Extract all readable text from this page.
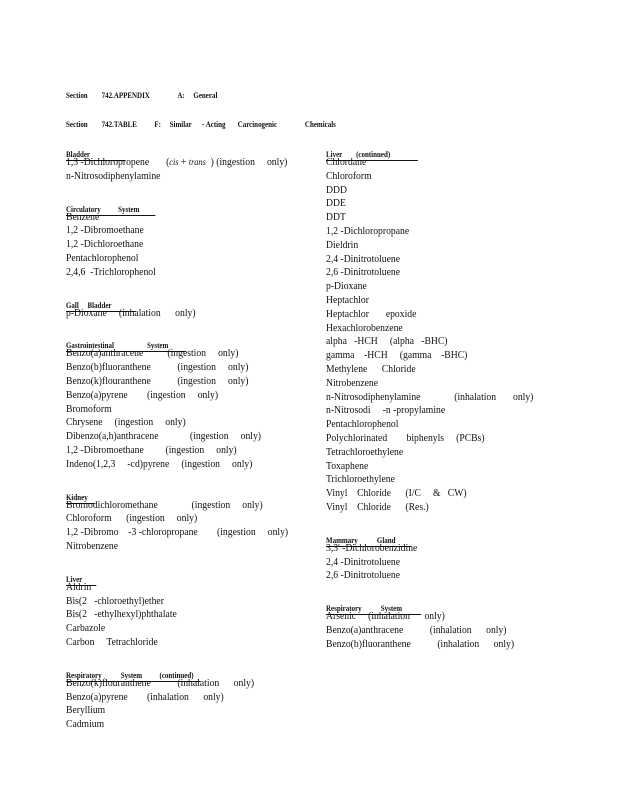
Section        742.APPENDIX                A:     General
Section        742.TABLE          F:     Similar      - Acting       Carcinogenic                Chemicals
Bladder
1,3 -Dichloropropene (cis + trans  ) (ingestion     only)
n-Nitrosodiphenylamine
Circulatory          System
Benzene
1,2 -Dibromoethane
1,2 -Dichloroethane
Pentachlorophenol
2,4,6  -Trichlorophenol
Gall     Bladder
p-Dioxane     (inhalation      only)
Gastrointestinal                   System
Benzo(a)anthracene          (ingestion     only)
Benzo(b)fluoranthene           (ingestion     only)
Benzo(k)flouranthene           (ingestion     only)
Benzo(a)pyrene        (ingestion     only)
Bromoform
Chrysene     (ingestion     only)
Dibenzo(a,h)anthracene             (ingestion     only)
1,2 -Dibromoethane         (ingestion     only)
Indeno(1,2,3     -cd)pyrene     (ingestion     only)
Kidney
Bromodichloromethane              (ingestion     only)
Chloroform      (ingestion     only)
1,2 -Dibromo    -3 -chloropropane        (ingestion     only)
Nitrobenzene
Liver
Aldrin
Bis(2   -chloroethyl)ether
Bis(2   -ethylhexyl)phthalate
Carbazole
Carbon     Tetrachloride
Respiratory           System          (continued)
Benzo(k)flouranthene           (inhalation      only)
Benzo(a)pyrene        (inhalation      only)
Beryllium
Cadmium
Liver        (continued)
Chlordane
Chloroform
DDD
DDE
DDT
1,2 -Dichloropropane
Dieldrin
2,4 -Dinitrotoluene
2,6 -Dinitrotoluene
p-Dioxane
Heptachlor
Heptachlor       epoxide
Hexachlorobenzene
alpha   -HCH     (alpha   -BHC)
gamma    -HCH     (gamma    -BHC)
Methylene      Chloride
Nitrobenzene
n-Nitrosodiphenylamine              (inhalation       only)
n-Nitrosodi     -n -propylamine
Pentachlorophenol
Polychlorinated        biphenyls     (PCBs)
Tetrachloroethylene
Toxaphene
Trichloroethylene
Vinyl    Chloride      (I/C     &   CW)
Vinyl    Chloride      (Res.)
Mammary           Gland
3,3' -Dichlorobenzidine
2,4 -Dinitrotoluene
2,6 -Dinitrotoluene
Respiratory           System
Arsenic     (inhalation      only)
Benzo(a)anthracene           (inhalation      only)
Benzo(b)fluoranthene           (inhalation      only)
